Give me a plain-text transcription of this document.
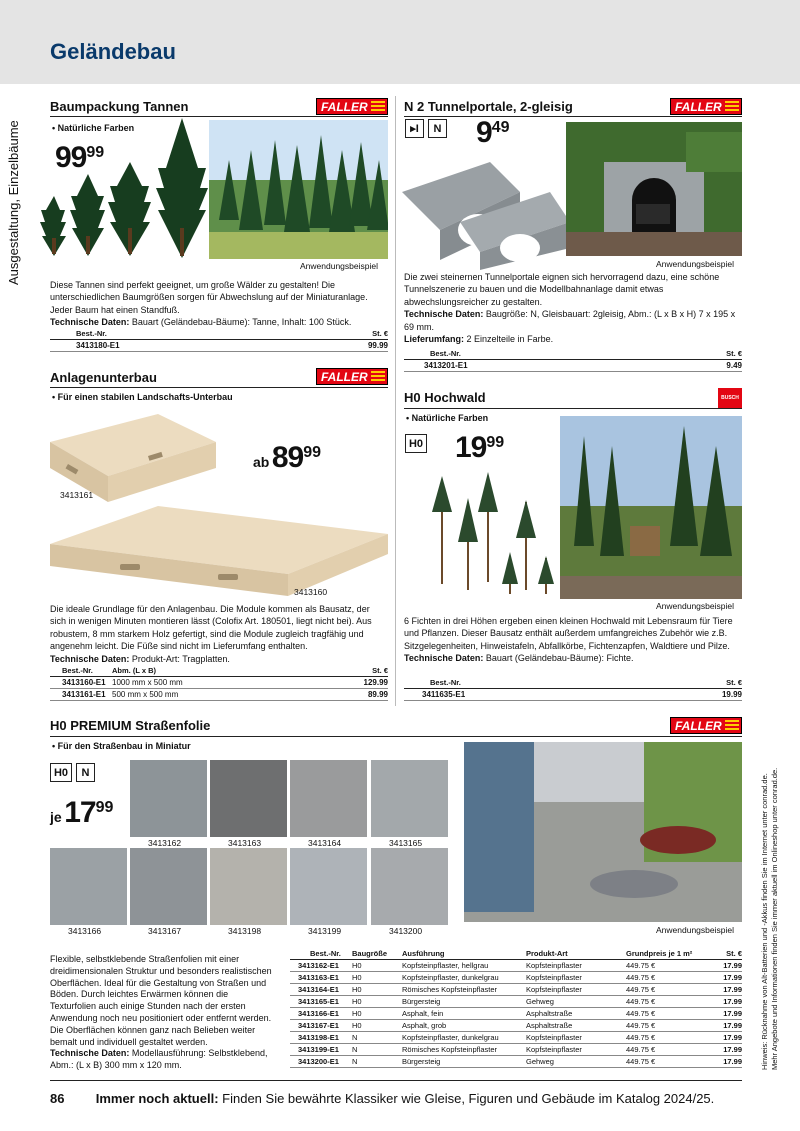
Geländebau
Ausgestaltung, Einzelbäume
Hinweis: Rücknahme von Alt-Batterien und -Akkus finden Sie im Internet unter conrad.de. Mehr Angebote und Informationen finden Sie immer aktuell im Onlineshop unter conrad.de.
Baumpackung Tannen	FALLER
• Natürliche Farben
9999
Anwendungsbeispiel
Diese Tannen sind perfekt geeignet, um große Wälder zu gestalten! Die unterschiedlichen Baumgrößen sorgen für Abwechslung auf der Miniaturanlage. Jeder Baum hat einen Standfuß.
Technische Daten: Bauart (Geländebau-Bäume): Tanne, Inhalt: 100 Stück.
Best.-Nr.	St. €
3413180-E1	99.99
N 2 Tunnelportale, 2-gleisig	FALLER
▸I	N 949
Anwendungsbeispiel
Die zwei steinernen Tunnelportale eignen sich hervorragend dazu, eine schöne Tunnelszenerie zu bauen und die Modellbahnanlage damit etwas abwechslungsreicher zu gestalten.
Technische Daten: Baugröße: N, Gleisbauart: 2gleisig, Abm.: (L x B x H) 7 x 195 x 69 mm.
Lieferumfang: 2 Einzelteile in Farbe.
Best.-Nr.	St. €
3413201-E1	9.49
Anlagenunterbau	FALLER
• Für einen stabilen Landschafts-Unterbau
3413161
ab 8999
3413160
Die ideale Grundlage für den Anlagenbau. Die Module kommen als Bausatz, der sich in wenigen Minuten montieren lässt (Colofix Art. 180501, liegt nicht bei). Aus robustem, 8 mm starkem Holz gefertigt, sind die Module zugleich tragfähig und angenehm leicht. Die Füße sind nicht im Lieferumfang enthalten.
Technische Daten: Produkt-Art: Tragplatten.
Best.-Nr.	Abm. (L x B)	St. €
3413160-E1 1000 mm x 500 mm	129.99
3413161-E1 500 mm x 500 mm	89.99
H0 Hochwald	BUSCH
• Natürliche Farben
H0 1999
Anwendungsbeispiel
6 Fichten in drei Höhen ergeben einen kleinen Hochwald mit Lebensraum für Tiere und Pflanzen. Dieser Bausatz enthält außerdem umfangreiches Zubehör wie z.B. Sitzgelegenheiten, Hinweistafeln, Abfallkörbe, Fichtenzapfen, Waldtiere und Pilze.
Technische Daten: Bauart (Geländebau-Bäume): Fichte.
Best.-Nr.	St. €
3411635-E1	19.99
H0 PREMIUM Straßenfolie	FALLER
• Für den Straßenbau in Miniatur
H0	N
je 1799
3413162	3413163	3413164	3413165
3413166	3413167	3413198	3413199	3413200	Anwendungsbeispiel
Flexible, selbstklebende Straßenfolien mit einer dreidimensionalen Struktur und besonders realistischen Oberflächen. Ideal für die Gestaltung von Straßen und Böden. Durch leichtes Erwärmen können die Texturfolien auch einige Stunden nach der ersten Anwendung noch neu positioniert oder entfernt werden. Die Oberflächen können ganz nach Belieben weiter bemalt und individuell gestaltet werden.
Technische Daten: Modellausführung: Selbstklebend, Abm.: (L x B) 300 mm x 120 mm.
Best.-Nr.	Baugröße	Ausführung	Produkt-Art	Grundpreis je 1 m²	St. €
3413162-E1	H0	Kopfsteinpflaster, hellgrau	Kopfsteinpflaster	449.75 €	17.99
3413163-E1	H0	Kopfsteinpflaster, dunkelgrau	Kopfsteinpflaster	449.75 €	17.99
3413164-E1	H0	Römisches Kopfsteinpflaster	Kopfsteinpflaster	449.75 €	17.99
3413165-E1	H0	Bürgersteig	Gehweg	449.75 €	17.99
3413166-E1	H0	Asphalt, fein	Asphaltstraße	449.75 €	17.99
3413167-E1	H0	Asphalt, grob	Asphaltstraße	449.75 €	17.99
3413198-E1	N	Kopfsteinpflaster, dunkelgrau	Kopfsteinpflaster	449.75 €	17.99
3413199-E1	N	Römisches Kopfsteinpflaster	Kopfsteinpflaster	449.75 €	17.99
3413200-E1	N	Bürgersteig	Gehweg	449.75 €	17.99
86 Immer noch aktuell: Finden Sie bewährte Klassiker wie Gleise, Figuren und Gebäude im Katalog 2024/25.
